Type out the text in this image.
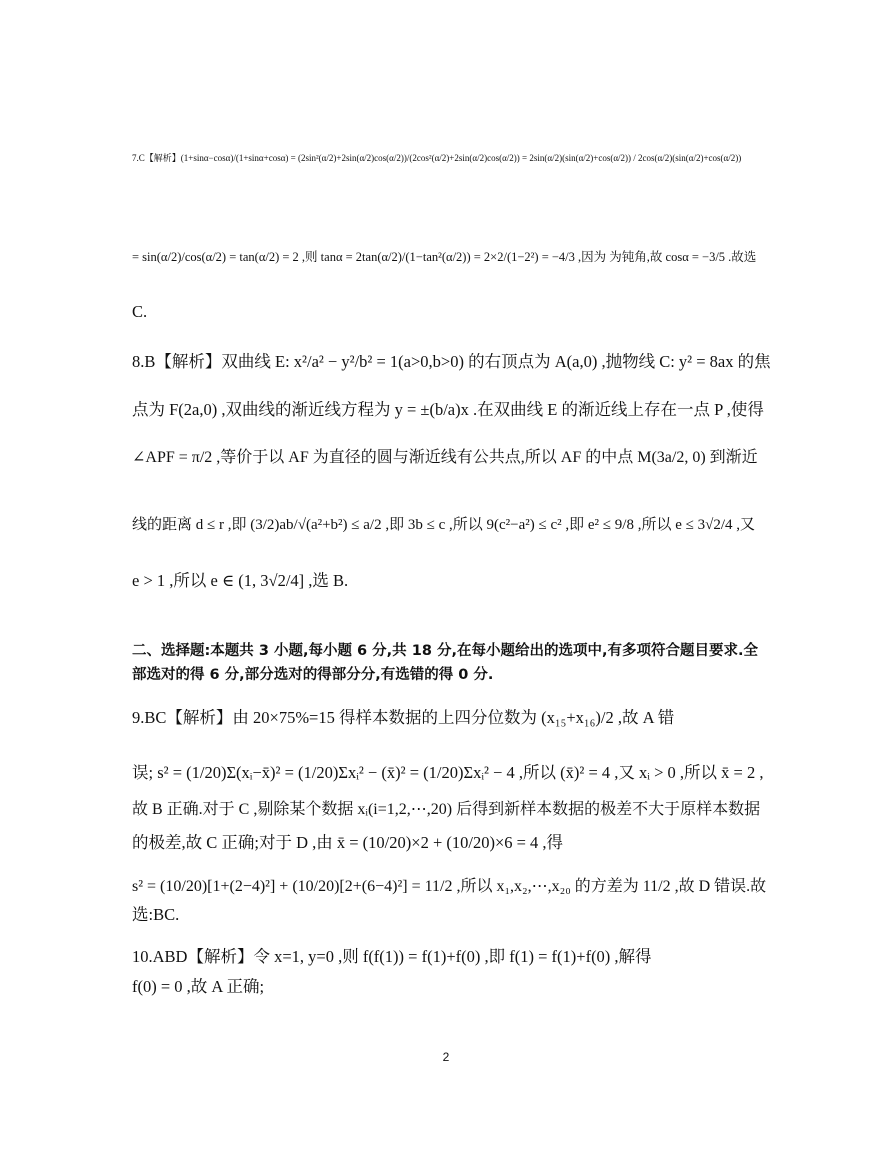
7.C【解析】(1+sinα−cosα)/(1+sinα+cosα) = (2sin²(α/2)+2sin(α/2)cos(α/2))/(2cos²(α/2)+2sin(α/2)cos(α/2)) = 2sin(α/2)(sin(α/2)+cos(α/2)) / 2cos(α/2)(sin(α/2)+cos(α/2))
= sin(α/2)/cos(α/2) = tan(α/2) = 2 ,则 tanα = 2tan(α/2)/(1−tan²(α/2)) = 2×2/(1−2²) = −4/3 ,因为 为钝角,故 cosα = −3/5 .故选
C.
8.B【解析】双曲线 E: x²/a² − y²/b² = 1(a>0,b>0) 的右顶点为 A(a,0) ,抛物线 C: y² = 8ax 的焦
点为 F(2a,0) ,双曲线的渐近线方程为 y = ±(b/a)x .在双曲线 E 的渐近线上存在一点 P ,使得
∠APF = π/2 ,等价于以 AF 为直径的圆与渐近线有公共点,所以 AF 的中点 M(3a/2, 0) 到渐近
线的距离 d ≤ r ,即 (3/2)ab/√(a²+b²) ≤ a/2 ,即 3b ≤ c ,所以 9(c²−a²) ≤ c² ,即 e² ≤ 9/8 ,所以 e ≤ 3√2/4 ,又
e > 1 ,所以 e ∈ (1, 3√2/4] ,选 B.
二、选择题:本题共 3 小题,每小题 6 分,共 18 分,在每小题给出的选项中,有多项符合题目要求.全
部选对的得 6 分,部分选对的得部分分,有选错的得 0 分.
9.BC【解析】由 20×75%=15 得样本数据的上四分位数为 (x₁₅+x₁₆)/2 ,故 A 错
误; s² = (1/20)Σ(xᵢ−x̄)² = (1/20)Σxᵢ² − (x̄)² = (1/20)Σxᵢ² − 4 ,所以 (x̄)² = 4 ,又 xᵢ > 0 ,所以 x̄ = 2 ,
故 B 正确.对于 C ,剔除某个数据 xᵢ(i=1,2,⋯,20) 后得到新样本数据的极差不大于原样本数据
的极差,故 C 正确;对于 D ,由 x̄ = (10/20)×2 + (10/20)×6 = 4 ,得
s² = (10/20)[1+(2−4)²] + (10/20)[2+(6−4)²] = 11/2 ,所以 x₁,x₂,⋯,x₂₀ 的方差为 11/2 ,故 D 错误.故
选:BC.
10.ABD【解析】令 x=1, y=0 ,则 f(f(1)) = f(1)+f(0) ,即 f(1) = f(1)+f(0) ,解得
f(0) = 0 ,故 A 正确;
2
